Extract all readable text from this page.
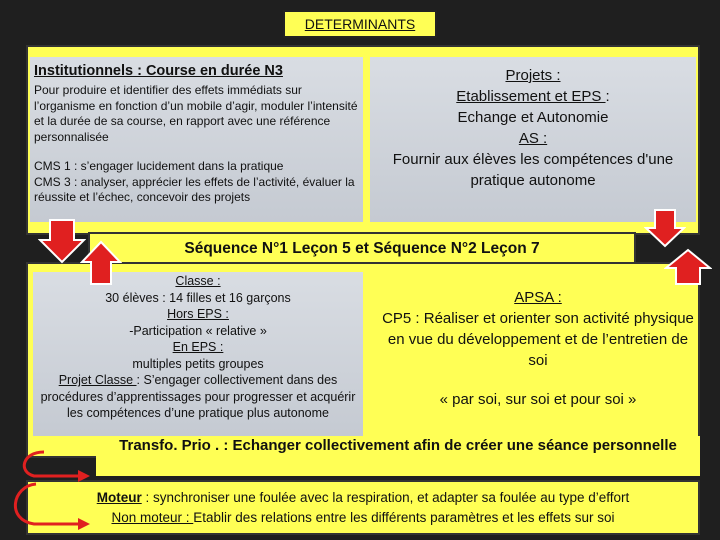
DETERMINANTS
Institutionnels : Course en durée N3
Pour produire et identifier des effets immédiats sur l’organisme en fonction d’un mobile d’agir, moduler l’intensité et la durée de sa course, en rapport avec une référence personnalisée
CMS 1 : s’engager lucidement dans la pratique
CMS 3 : analyser, apprécier les effets de l’activité, évaluer la réussite et l’échec, concevoir des projets
Projets :
Etablissement et EPS :
Echange et Autonomie
AS :
Fournir aux élèves les compétences d'une pratique autonome
Séquence N°1 Leçon 5 et Séquence N°2 Leçon 7
Classe :
30 élèves : 14 filles et 16 garçons
Hors EPS :
-Participation « relative »
En EPS :
multiples petits groupes
Projet Classe : S’engager collectivement dans des procédures d’apprentissages pour progresser et acquérir les compétences d’une pratique plus autonome
APSA :
CP5 : Réaliser et orienter son activité physique en vue du développement et de l’entretien de soi
« par soi, sur soi et pour soi »
Transfo. Prio . : Echanger collectivement afin de créer une séance personnelle
Moteur : synchroniser une foulée avec la respiration, et adapter sa foulée au type d’effort
Non moteur : Etablir des relations entre les différents paramètres et les effets sur soi
